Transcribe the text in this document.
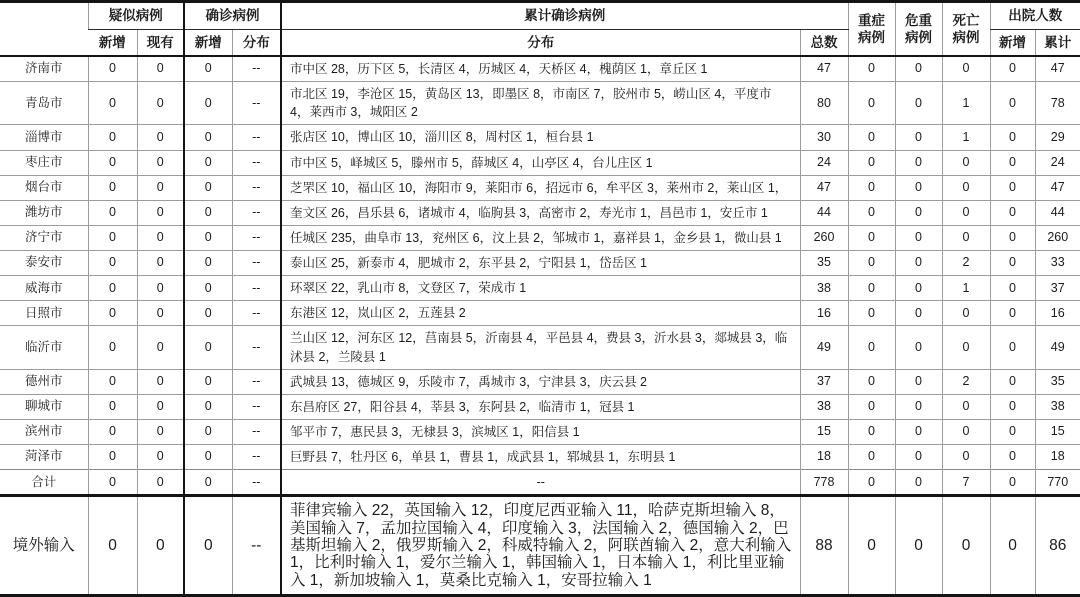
	疑似病例		确诊病例		累计确诊病例		重症病例	危重病例	死亡病例	出院人数	
	新增	现有	新增	分布	分布	总数				新增	累计
济南市	0	0	0	--	市中区 28，历下区 5，长清区 4，历城区 4，天桥区 4，槐荫区 1，章丘区 1	47	0	0	0	0	47
青岛市	0	0	0	--	市北区 19，李沧区 15，黄岛区 13，即墨区 8，市南区 7，胶州市 5，崂山区 4，平度市 4，莱西市 3，城阳区 2	80	0	0	1	0	78
淄博市	0	0	0	--	张店区 10，博山区 10，淄川区 8，周村区 1，桓台县 1	30	0	0	1	0	29
枣庄市	0	0	0	--	市中区 5，峄城区 5，滕州市 5，薛城区 4，山亭区 4，台儿庄区 1	24	0	0	0	0	24
烟台市	0	0	0	--	芝罘区 10，福山区 10，海阳市 9，莱阳市 6，招远市 6，牟平区 3，莱州市 2，莱山区 1，	47	0	0	0	0	47
潍坊市	0	0	0	--	奎文区 26，昌乐县 6，诸城市 4，临朐县 3，高密市 2，寿光市 1，昌邑市 1，安丘市 1	44	0	0	0	0	44
济宁市	0	0	0	--	任城区 235，曲阜市 13，兖州区 6，汶上县 2，邹城市 1，嘉祥县 1，金乡县 1，微山县 1	260	0	0	0	0	260
泰安市	0	0	0	--	泰山区 25，新泰市 4，肥城市 2，东平县 2，宁阳县 1，岱岳区 1	35	0	0	2	0	33
威海市	0	0	0	--	环翠区 22，乳山市 8，文登区 7，荣成市 1	38	0	0	1	0	37
日照市	0	0	0	--	东港区 12，岚山区 2，五莲县 2	16	0	0	0	0	16
临沂市	0	0	0	--	兰山区 12，河东区 12，莒南县 5，沂南县 4，平邑县 4，费县 3，沂水县 3，郯城县 3，临沭县 2，兰陵县 1	49	0	0	0	0	49
德州市	0	0	0	--	武城县 13，德城区 9，乐陵市 7，禹城市 3，宁津县 3，庆云县 2	37	0	0	2	0	35
聊城市	0	0	0	--	东昌府区 27，阳谷县 4，莘县 3，东阿县 2，临清市 1，冠县 1	38	0	0	0	0	38
滨州市	0	0	0	--	邹平市 7，惠民县 3，无棣县 3，滨城区 1，阳信县 1	15	0	0	0	0	15
菏泽市	0	0	0	--	巨野县 7，牡丹区 6，单县 1，曹县 1，成武县 1，郓城县 1，东明县 1	18	0	0	0	0	18
合计	0	0	0	--	--	778	0	0	7	0	770
境外输入	0	0	0	--	菲律宾输入 22，英国输入 12，印度尼西亚输入 11，哈萨克斯坦输入 8，美国输入 7，孟加拉国输入 4，印度输入 3，法国输入 2，德国输入 2，巴基斯坦输入 2，俄罗斯输入 2，科威特输入 2，阿联酋输入 2，意大利输入 1，比利时输入 1，爱尔兰输入 1，韩国输入 1，日本输入 1，利比里亚输入 1，新加坡输入 1，莫桑比克输入 1，安哥拉输入 1	88	0	0	0	0	86
